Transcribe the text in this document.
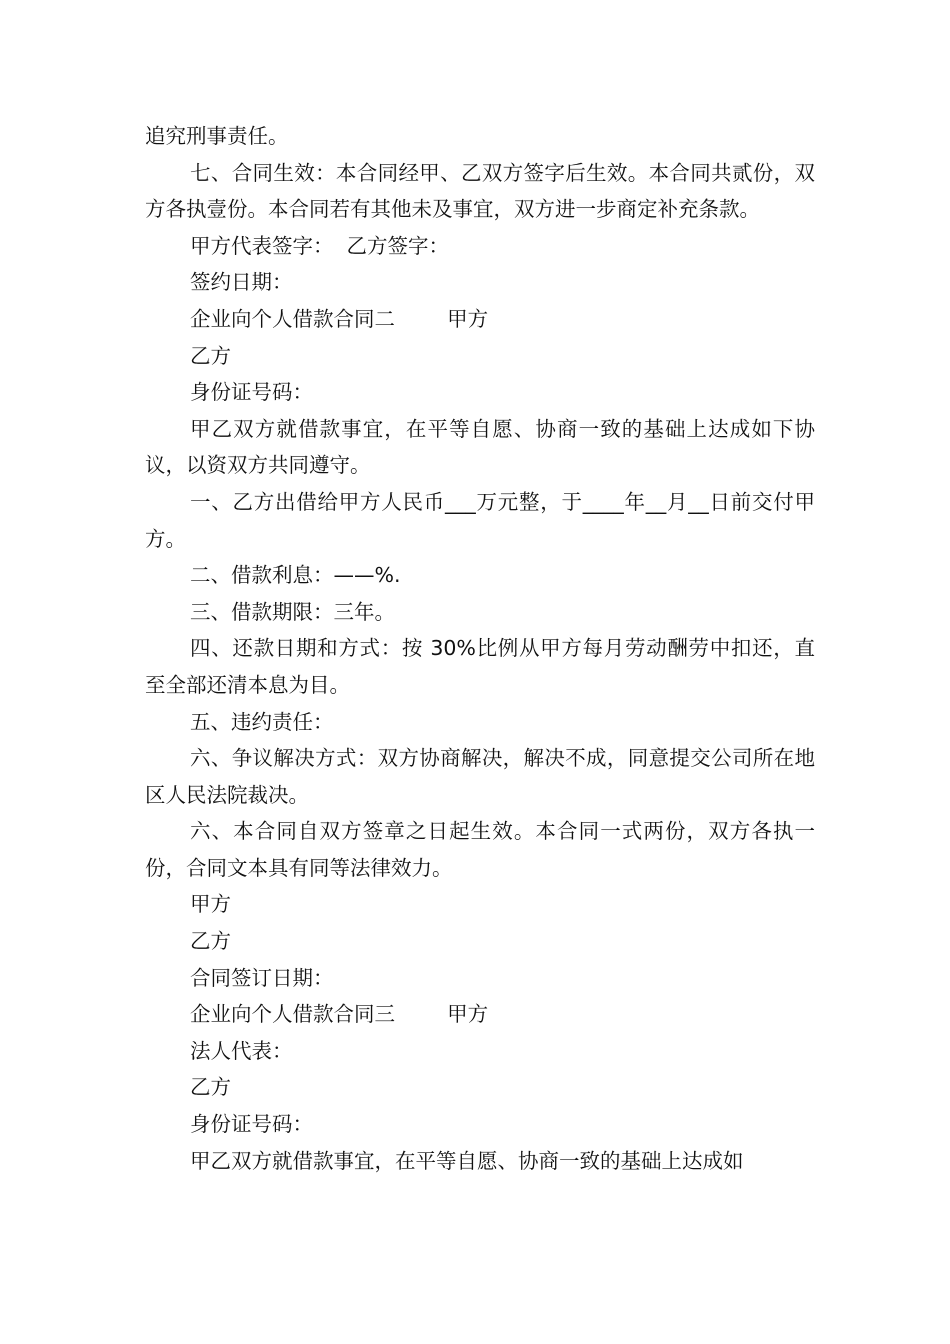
追究刑事责任。

七、合同生效：本合同经甲、乙双方签字后生效。本合同共贰份，双方各执壹份。本合同若有其他未及事宜，双方进一步商定补充条款。

甲方代表签字：  乙方签字：

签约日期：

企业向个人借款合同二        甲方

乙方

身份证号码：

甲乙双方就借款事宜，在平等自愿、协商一致的基础上达成如下协议，以资双方共同遵守。

一、乙方出借给甲方人民币___万元整，于____年__月__日前交付甲方。

二、借款利息：——%.

三、借款期限：三年。

四、还款日期和方式：按 30%比例从甲方每月劳动酬劳中扣还，直至全部还清本息为目。

五、违约责任：

六、争议解决方式：双方协商解决，解决不成，同意提交公司所在地区人民法院裁决。

六、本合同自双方签章之日起生效。本合同一式两份，双方各执一份，合同文本具有同等法律效力。

甲方

乙方

合同签订日期：

企业向个人借款合同三        甲方

法人代表：

乙方

身份证号码：

甲乙双方就借款事宜，在平等自愿、协商一致的基础上达成如
